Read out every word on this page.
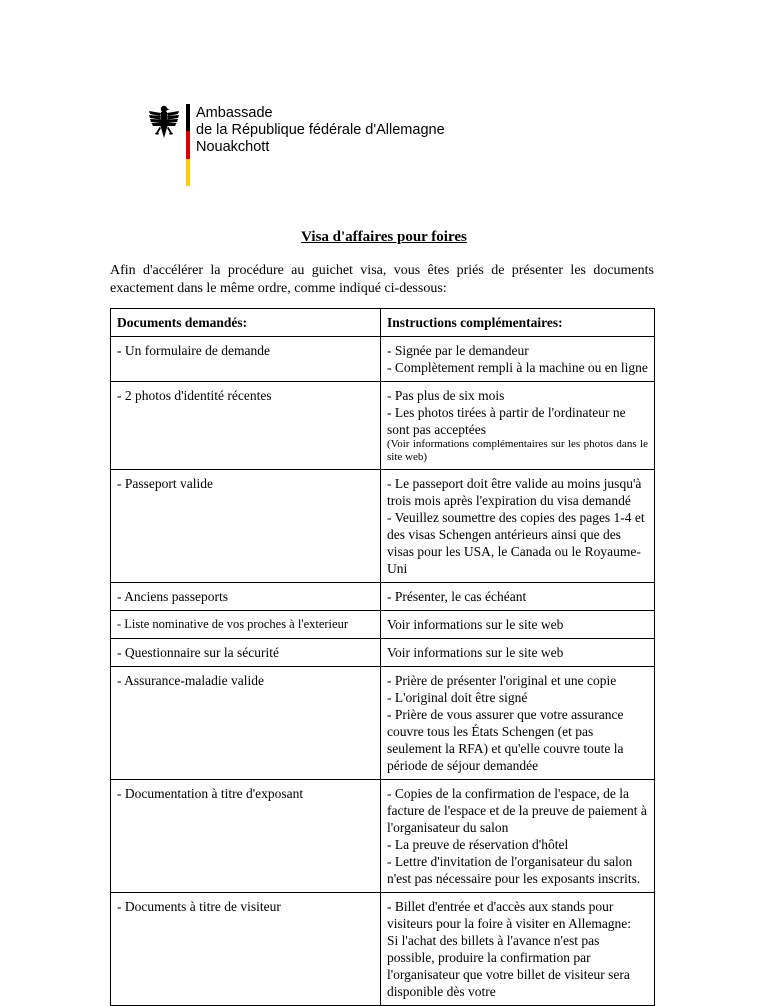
Ambassade
de la République fédérale d'Allemagne
Nouakchott
Visa d'affaires pour foires
Afin d'accélérer la procédure au guichet visa, vous êtes priés de présenter les documents exactement dans le même ordre, comme indiqué ci-dessous:
Documents demandés:	Instructions complémentaires:
- Un formulaire de demande	- Signée par le demandeur
- Complètement rempli à la machine ou en ligne

- 2 photos d'identité récentes	- Pas plus de six mois
- Les photos tirées à partir de l'ordinateur ne sont pas acceptées
(Voir informations complémentaires sur les photos dans le site web)

- Passeport valide	- Le passeport doit être valide au moins jusqu'à trois mois après l'expiration du visa demandé
- Veuillez soumettre des copies des pages 1-4 et des visas Schengen antérieurs ainsi que des visas pour les USA, le Canada ou le Royaume-Uni

- Anciens passeports	- Présenter, le cas échéant

- Liste nominative de vos proches à l'exterieur	Voir informations sur le site web

- Questionnaire sur la sécurité	Voir informations sur le site web

- Assurance-maladie valide	- Prière de présenter l'original et une copie
- L'original doit être signé
- Prière de vous assurer que votre assurance couvre tous les États Schengen (et pas seulement la RFA) et qu'elle couvre toute la période de séjour demandée

- Documentation à titre d'exposant	- Copies de la confirmation de l'espace, de la facture de l'espace et de la preuve de paiement à l'organisateur du salon
- La preuve de réservation d'hôtel
- Lettre d'invitation de l'organisateur du salon n'est pas nécessaire pour les exposants inscrits.

- Documents à titre de visiteur	- Billet d'entrée et d'accès aux stands pour visiteurs pour la foire à visiter en Allemagne:
Si l'achat des billets à l'avance n'est pas possible, produire la confirmation par l'organisateur que votre billet de visiteur sera disponible dès votre
